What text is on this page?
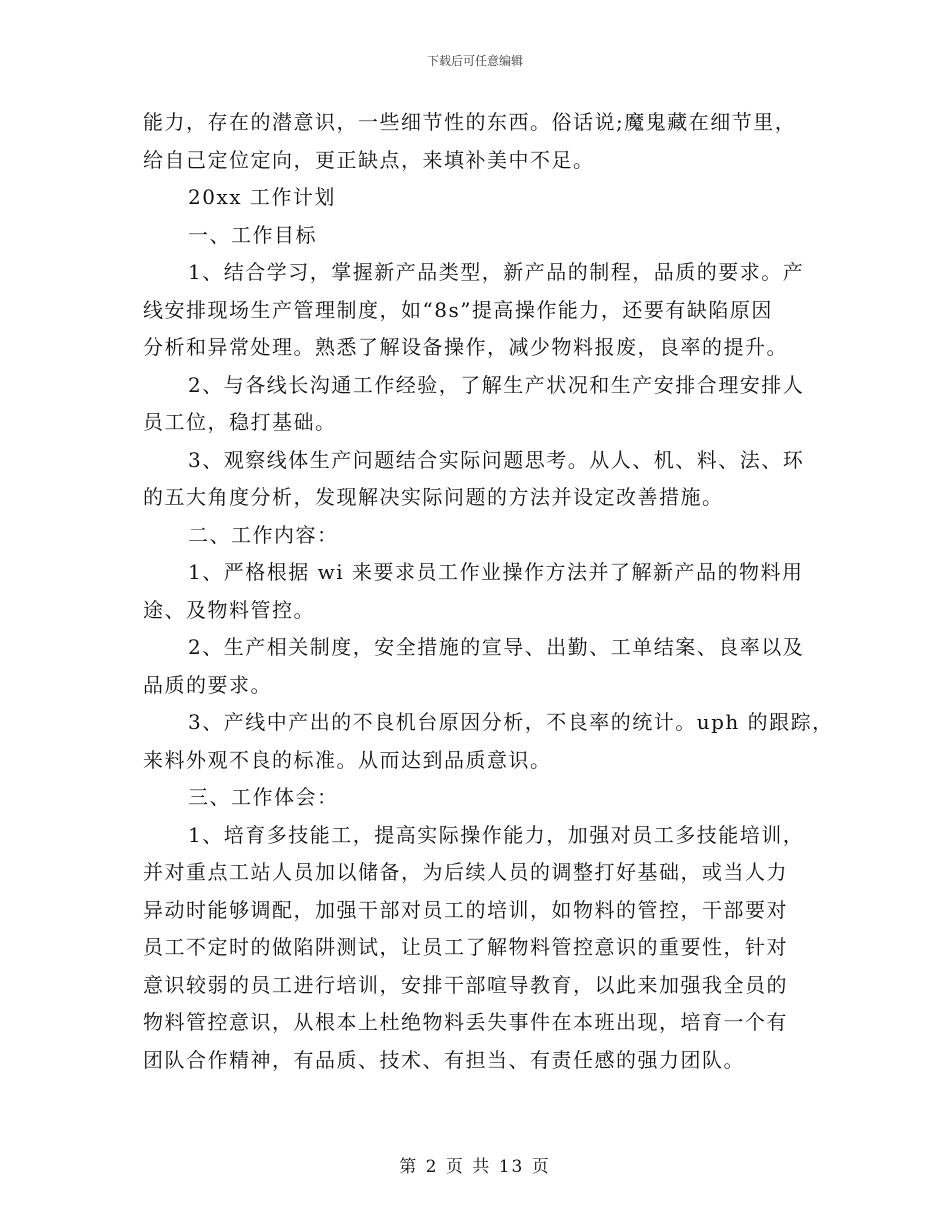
下载后可任意编辑
能力，存在的潜意识，一些细节性的东西。俗话说;魔鬼藏在细节里，
给自己定位定向，更正缺点，来填补美中不足。
20xx 工作计划
一、工作目标
1、结合学习，掌握新产品类型，新产品的制程，品质的要求。产
线安排现场生产管理制度，如“8s”提高操作能力，还要有缺陷原因
分析和异常处理。熟悉了解设备操作，减少物料报废，良率的提升。
2、与各线长沟通工作经验，了解生产状况和生产安排合理安排人
员工位，稳打基础。
3、观察线体生产问题结合实际问题思考。从人、机、料、法、环
的五大角度分析，发现解决实际问题的方法并设定改善措施。
二、工作内容：
1、严格根据 wi 来要求员工作业操作方法并了解新产品的物料用
途、及物料管控。
2、生产相关制度，安全措施的宣导、出勤、工单结案、良率以及
品质的要求。
3、产线中产出的不良机台原因分析，不良率的统计。uph 的跟踪，
来料外观不良的标准。从而达到品质意识。
三、工作体会：
1、培育多技能工，提高实际操作能力，加强对员工多技能培训，
并对重点工站人员加以储备，为后续人员的调整打好基础，或当人力
异动时能够调配，加强干部对员工的培训，如物料的管控，干部要对
员工不定时的做陷阱测试，让员工了解物料管控意识的重要性，针对
意识较弱的员工进行培训，安排干部喧导教育，以此来加强我全员的
物料管控意识，从根本上杜绝物料丢失事件在本班出现，培育一个有
团队合作精神，有品质、技术、有担当、有责任感的强力团队。
第 2 页 共 13 页
